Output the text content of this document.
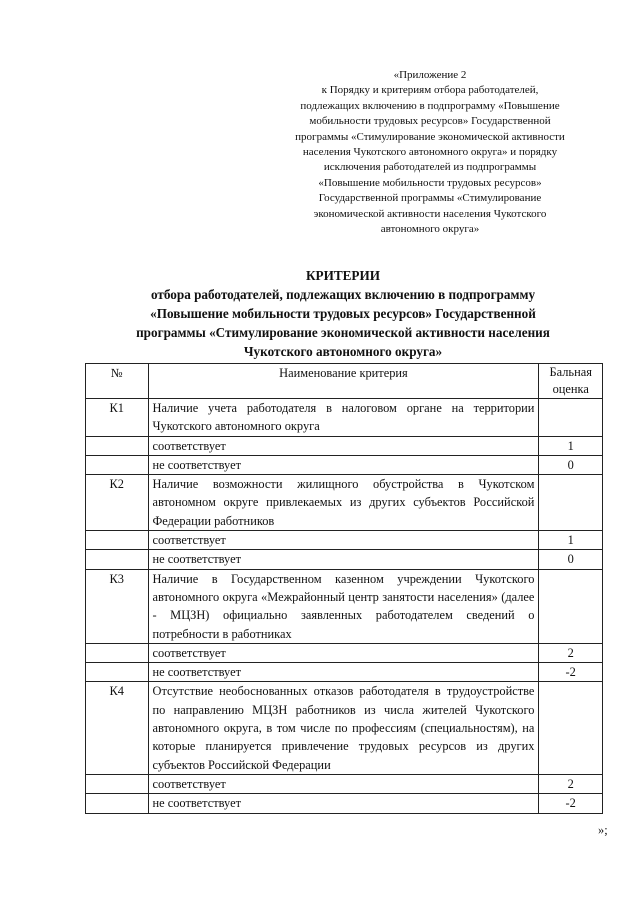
«Приложение 2
к Порядку и критериям отбора работодателей,
подлежащих включению в подпрограмму «Повышение
мобильности трудовых ресурсов» Государственной
программы «Стимулирование экономической активности
населения Чукотского автономного округа» и порядку
исключения работодателей из подпрограммы
«Повышение мобильности трудовых ресурсов»
Государственной программы «Стимулирование
экономической активности населения Чукотского
автономного округа»
КРИТЕРИИ
отбора работодателей, подлежащих включению в подпрограмму
«Повышение мобильности трудовых ресурсов» Государственной
программы «Стимулирование экономической активности населения
Чукотского автономного округа»
№	Наименование критерия	Бальная
оценка

К1	Наличие учета работодателя в налоговом органе на территории Чукотского автономного округа	
	соответствует	1
	не соответствует	0
К2	Наличие возможности жилищного обустройства в Чукотском автономном округе привлекаемых из других субъектов Российской Федерации работников	
	соответствует	1
	не соответствует	0
К3	Наличие в Государственном казенном учреждении Чукотского автономного округа «Межрайонный центр занятости населения» (далее - МЦЗН) официально заявленных работодателем сведений о потребности в работниках	
	соответствует	2
	не соответствует	-2
К4	Отсутствие необоснованных отказов работодателя в трудоустройстве по направлению МЦЗН работников из числа жителей Чукотского автономного округа, в том числе по профессиям (специальностям), на которые планируется привлечение трудовых ресурсов из других субъектов Российской Федерации	
	соответствует	2
	не соответствует	-2
»;
